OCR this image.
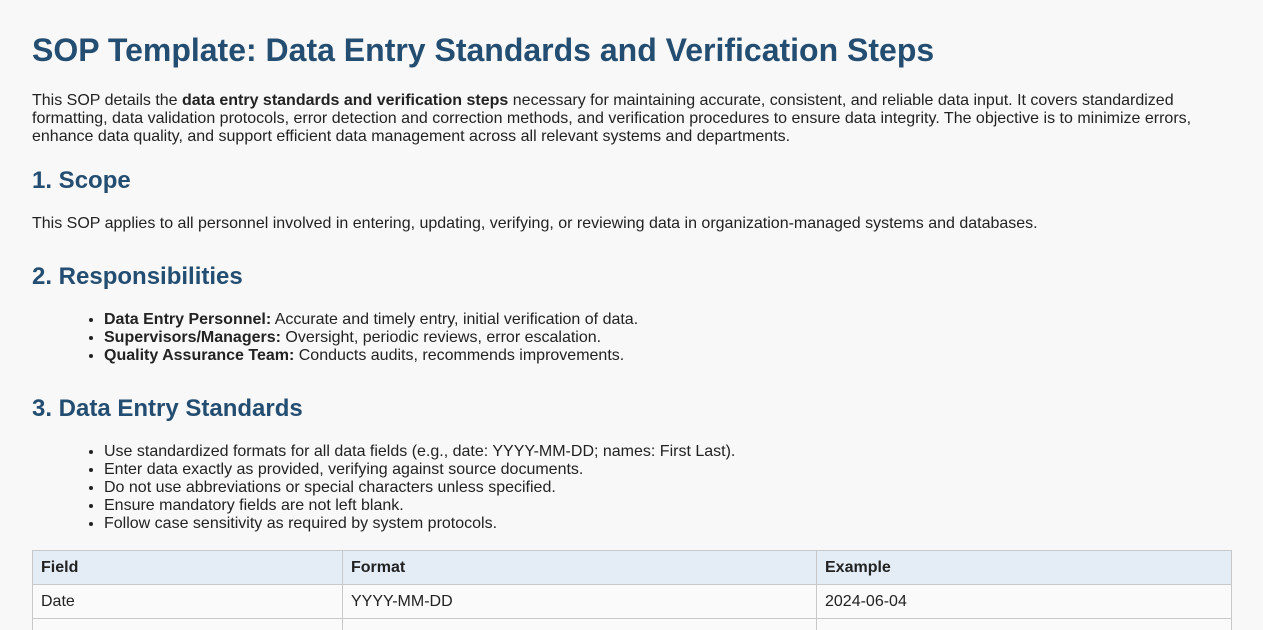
SOP Template: Data Entry Standards and Verification Steps

This SOP details the data entry standards and verification steps necessary for maintaining accurate, consistent, and reliable data input. It covers standardized formatting, data validation protocols, error detection and correction methods, and verification procedures to ensure data integrity. The objective is to minimize errors, enhance data quality, and support efficient data management across all relevant systems and departments.

1. Scope

This SOP applies to all personnel involved in entering, updating, verifying, or reviewing data in organization-managed systems and databases.

2. Responsibilities
• Data Entry Personnel: Accurate and timely entry, initial verification of data.
• Supervisors/Managers: Oversight, periodic reviews, error escalation.
• Quality Assurance Team: Conducts audits, recommends improvements.
3. Data Entry Standards
• Use standardized formats for all data fields (e.g., date: YYYY-MM-DD; names: First Last).
• Enter data exactly as provided, verifying against source documents.
• Do not use abbreviations or special characters unless specified.
• Ensure mandatory fields are not left blank.
• Follow case sensitivity as required by system protocols.
Field	Format	Example
Date	YYYY-MM-DD	2024-06-04
